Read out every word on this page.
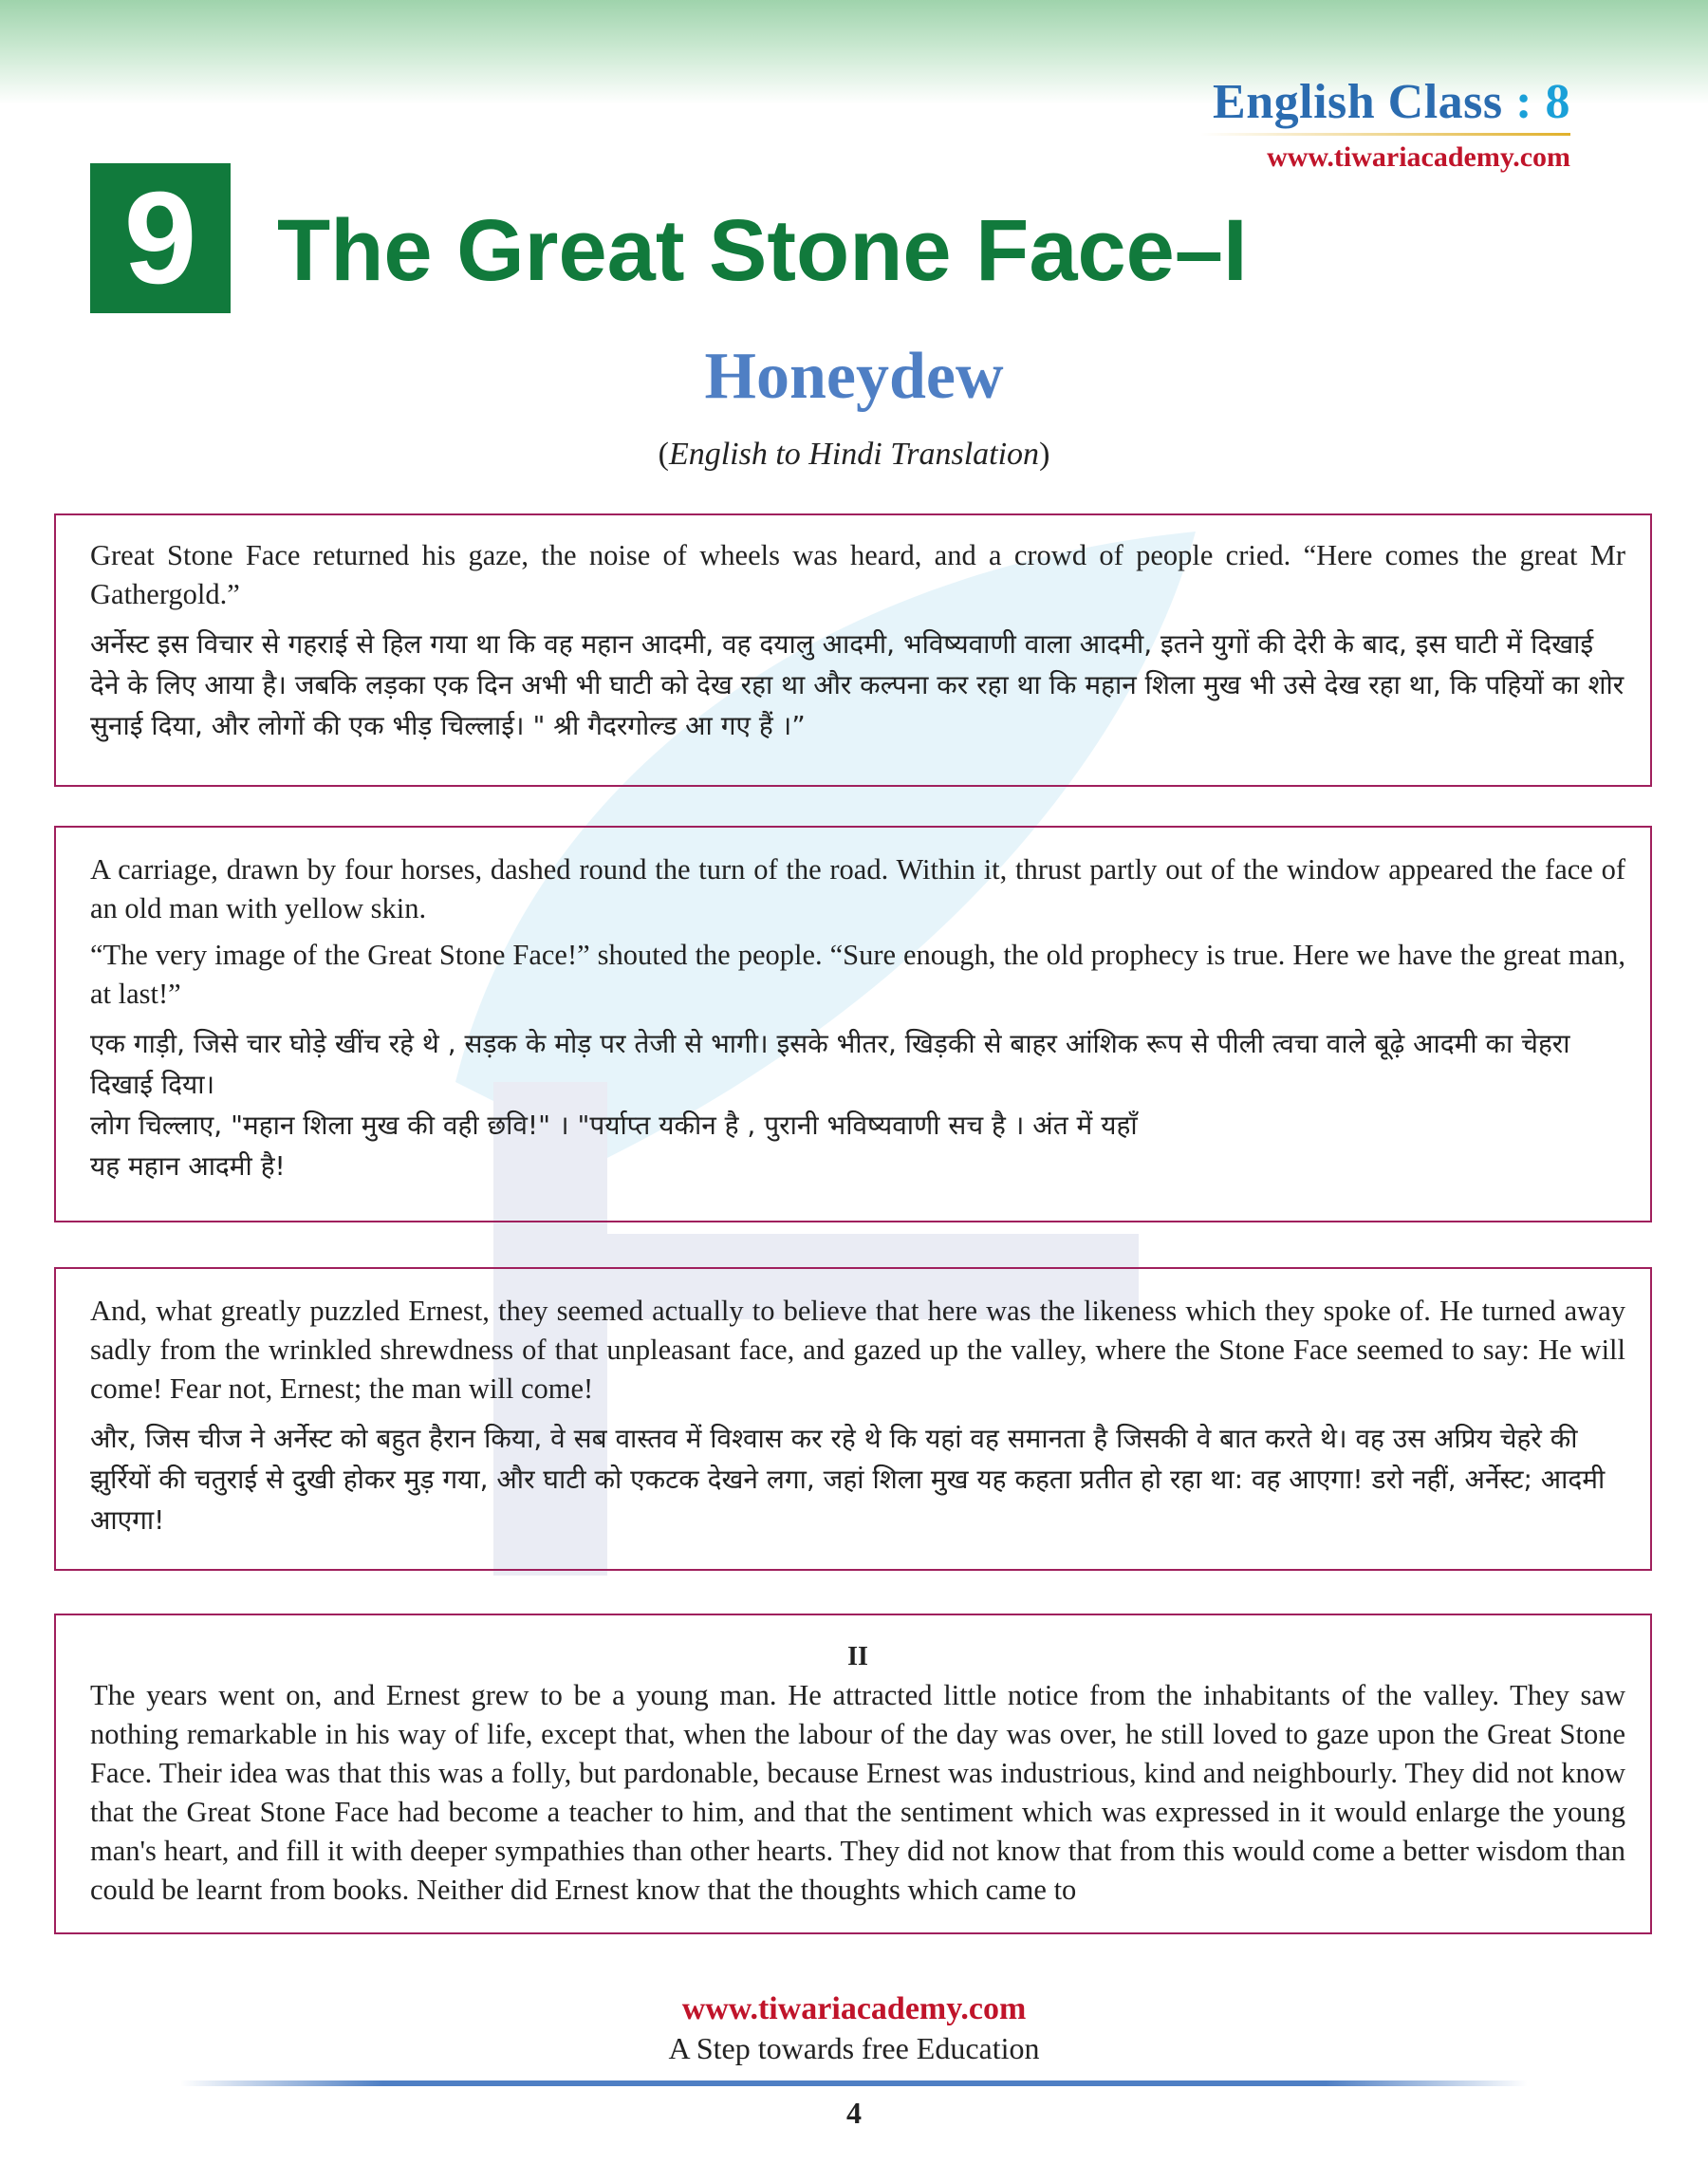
English Class : 8
www.tiwariacademy.com
9 The Great Stone Face–I
Honeydew
(English to Hindi Translation)

Great Stone Face returned his gaze, the noise of wheels was heard, and a crowd of people cried. “Here comes the great Mr Gathergold.”

अर्नेस्ट इस विचार से गहराई से हिल गया था कि वह महान आदमी, वह दयालु आदमी, भविष्यवाणी वाला आदमी, इतने युगों की देरी के बाद, इस घाटी में दिखाई देने के लिए आया है। जबकि लड़का एक दिन अभी भी घाटी को देख रहा था और कल्पना कर रहा था कि महान शिला मुख भी उसे देख रहा था, कि पहियों का शोर सुनाई दिया, और लोगों की एक भीड़ चिल्लाई। " श्री गैदरगोल्ड आ गए हैं ।”

A carriage, drawn by four horses, dashed round the turn of the road. Within it, thrust partly out of the window appeared the face of an old man with yellow skin.

“The very image of the Great Stone Face!” shouted the people. “Sure enough, the old prophecy is true. Here we have the great man, at last!”

एक गाड़ी, जिसे चार घोड़े खींच रहे थे , सड़क के मोड़ पर तेजी से भागी। इसके भीतर, खिड़की से बाहर आंशिक रूप से पीली त्वचा वाले बूढ़े आदमी का चेहरा दिखाई दिया।

लोग चिल्लाए, "महान शिला मुख की वही छवि!" । "पर्याप्त यकीन है , पुरानी भविष्यवाणी सच है । अंत में यहाँ

यह महान आदमी है!

And, what greatly puzzled Ernest, they seemed actually to believe that here was the likeness which they spoke of. He turned away sadly from the wrinkled shrewdness of that unpleasant face, and gazed up the valley, where the Stone Face seemed to say: He will come! Fear not, Ernest; the man will come!

और, जिस चीज ने अर्नेस्ट को बहुत हैरान किया, वे सब वास्तव में विश्वास कर रहे थे कि यहां वह समानता है जिसकी वे बात करते थे। वह उस अप्रिय चेहरे की झुर्रियों की चतुराई से दुखी होकर मुड़ गया, और घाटी को एकटक देखने लगा, जहां शिला मुख यह कहता प्रतीत हो रहा था: वह आएगा! डरो नहीं, अर्नेस्ट; आदमी आएगा!

II

The years went on, and Ernest grew to be a young man. He attracted little notice from the inhabitants of the valley. They saw nothing remarkable in his way of life, except that, when the labour of the day was over, he still loved to gaze upon the Great Stone Face. Their idea was that this was a folly, but pardonable, because Ernest was industrious, kind and neighbourly. They did not know that the Great Stone Face had become a teacher to him, and that the sentiment which was expressed in it would enlarge the young man's heart, and fill it with deeper sympathies than other hearts. They did not know that from this would come a better wisdom than could be learnt from books. Neither did Ernest know that the thoughts which came to

www.tiwariacademy.com
A Step towards free Education
4
